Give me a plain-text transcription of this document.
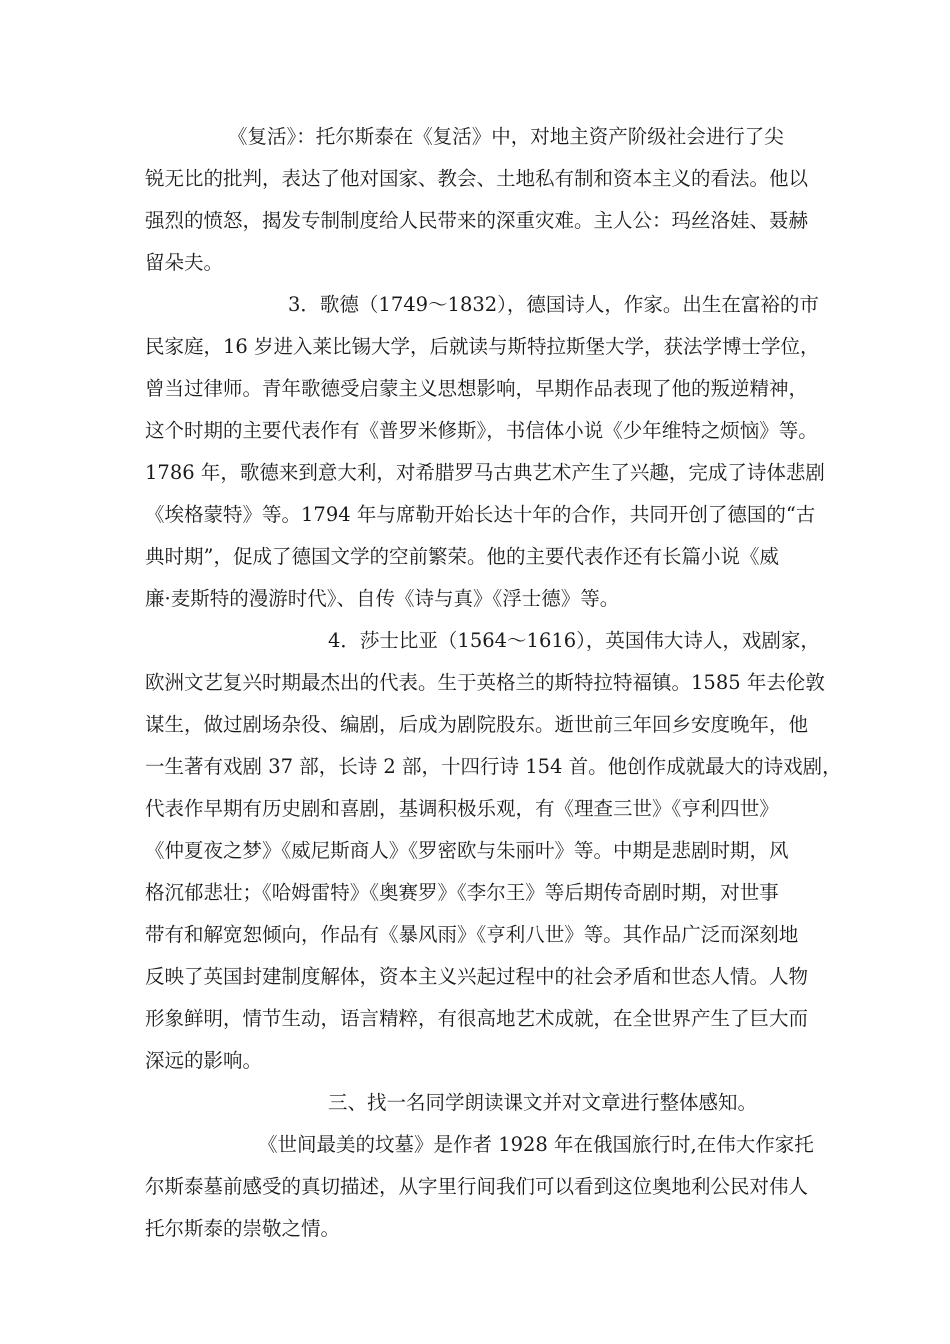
《复活》：托尔斯泰在《复活》中，对地主资产阶级社会进行了尖
锐无比的批判，表达了他对国家、教会、土地私有制和资本主义的看法。他以
强烈的愤怒，揭发专制制度给人民带来的深重灾难。主人公：玛丝洛娃、聂赫
留朵夫。
3．歌德（1749～1832），德国诗人，作家。出生在富裕的市
民家庭，16 岁进入莱比锡大学，后就读与斯特拉斯堡大学，获法学博士学位，
曾当过律师。青年歌德受启蒙主义思想影响，早期作品表现了他的叛逆精神，
这个时期的主要代表作有《普罗米修斯》，书信体小说《少年维特之烦恼》等。
1786 年，歌德来到意大利，对希腊罗马古典艺术产生了兴趣，完成了诗体悲剧
《埃格蒙特》等。1794 年与席勒开始长达十年的合作，共同开创了德国的“古
典时期”，促成了德国文学的空前繁荣。他的主要代表作还有长篇小说《威
廉·麦斯特的漫游时代》、自传《诗与真》《浮士德》等。
4．莎士比亚（1564～1616），英国伟大诗人，戏剧家，
欧洲文艺复兴时期最杰出的代表。生于英格兰的斯特拉特福镇。1585 年去伦敦
谋生，做过剧场杂役、编剧，后成为剧院股东。逝世前三年回乡安度晚年，他
一生著有戏剧 37 部，长诗 2 部，十四行诗 154 首。他创作成就最大的诗戏剧，
代表作早期有历史剧和喜剧，基调积极乐观，有《理查三世》《亨利四世》
《仲夏夜之梦》《威尼斯商人》《罗密欧与朱丽叶》等。中期是悲剧时期，风
格沉郁悲壮；《哈姆雷特》《奥赛罗》《李尔王》等后期传奇剧时期，对世事
带有和解宽恕倾向，作品有《暴风雨》《亨利八世》等。其作品广泛而深刻地
反映了英国封建制度解体，资本主义兴起过程中的社会矛盾和世态人情。人物
形象鲜明，情节生动，语言精粹，有很高地艺术成就，在全世界产生了巨大而
深远的影响。
三、找一名同学朗读课文并对文章进行整体感知。
《世间最美的坟墓》是作者 1928 年在俄国旅行时,在伟大作家托
尔斯泰墓前感受的真切描述，从字里行间我们可以看到这位奥地利公民对伟人
托尔斯泰的崇敬之情。
